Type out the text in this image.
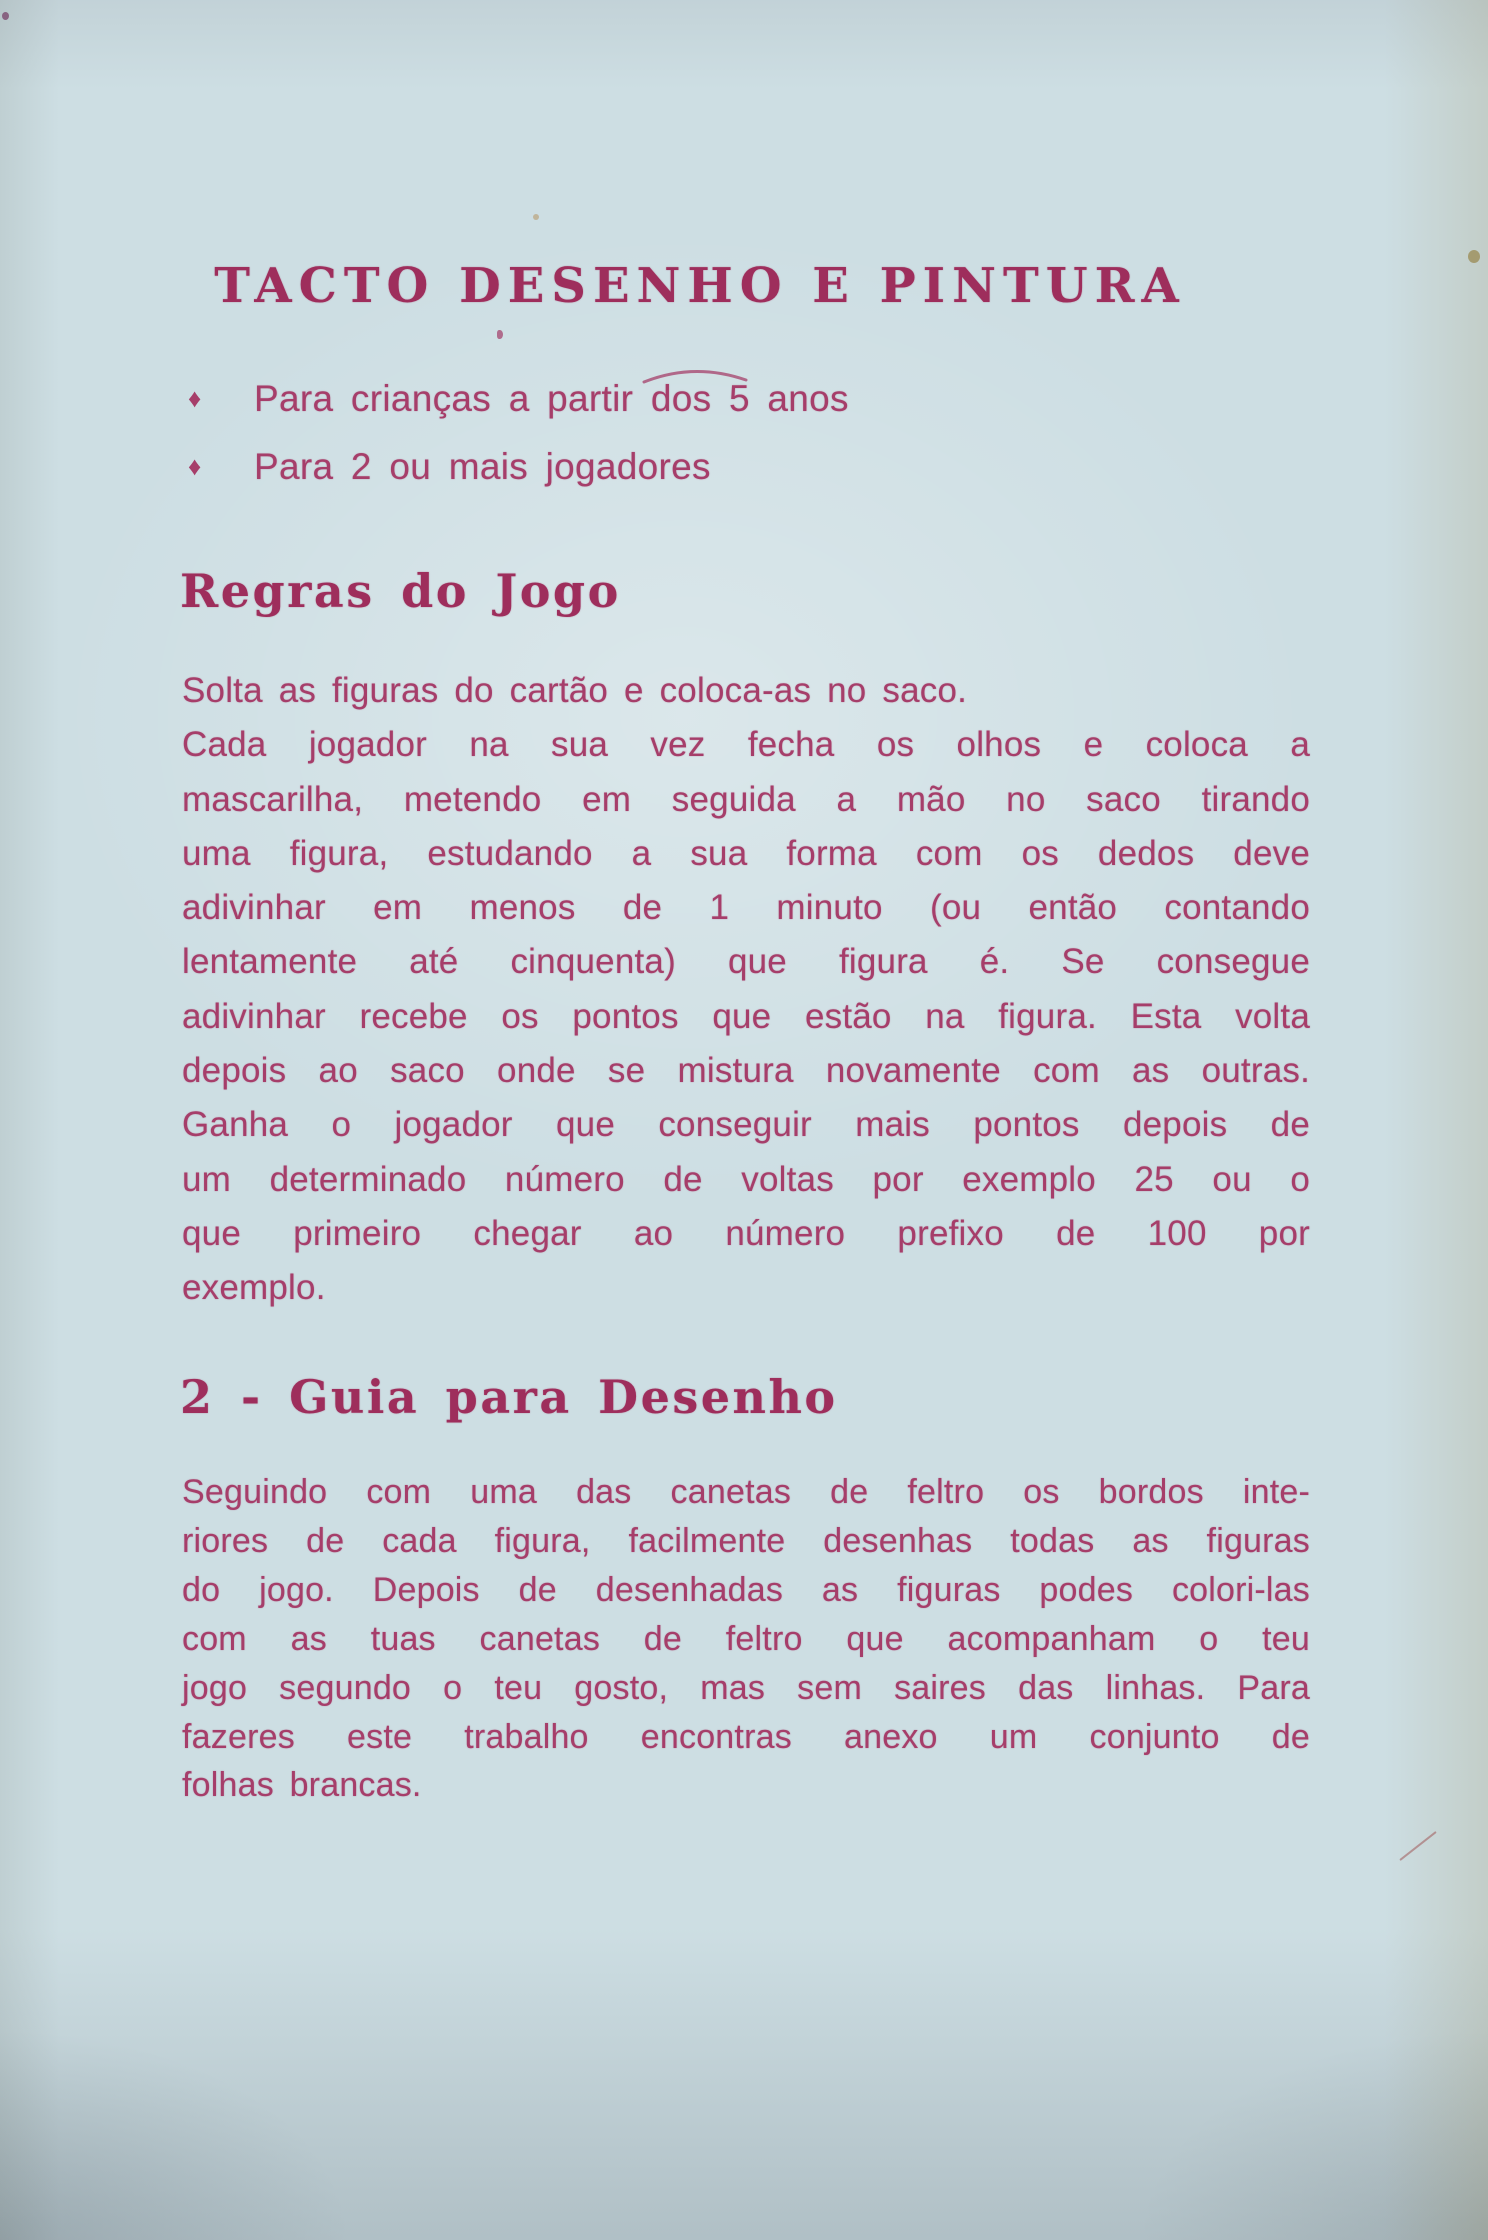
TACTO DESENHO E PINTURA
♦	Para crianças a partir dos 5 anos
♦	Para 2 ou mais jogadores
Regras do Jogo
Solta as figuras do cartão e coloca-as no saco.
Cada jogador na sua vez fecha os olhos e coloca a
mascarilha, metendo em seguida a mão no saco tirando
uma figura, estudando a sua forma com os dedos deve
adivinhar em menos de 1 minuto (ou então contando
lentamente até cinquenta) que figura é. Se consegue
adivinhar recebe os pontos que estão na figura. Esta volta
depois ao saco onde se mistura novamente com as outras.
Ganha o jogador que conseguir mais pontos depois de
um determinado número de voltas por exemplo 25 ou o
que primeiro chegar ao número prefixo de 100 por
exemplo.
2 - Guia para Desenho
Seguindo com uma das canetas de feltro os bordos inte-
riores de cada figura, facilmente desenhas todas as figuras
do jogo. Depois de desenhadas as figuras podes colori-las
com as tuas canetas de feltro que acompanham o teu
jogo segundo o teu gosto, mas sem saires das linhas. Para
fazeres este trabalho encontras anexo um conjunto de
folhas brancas.
